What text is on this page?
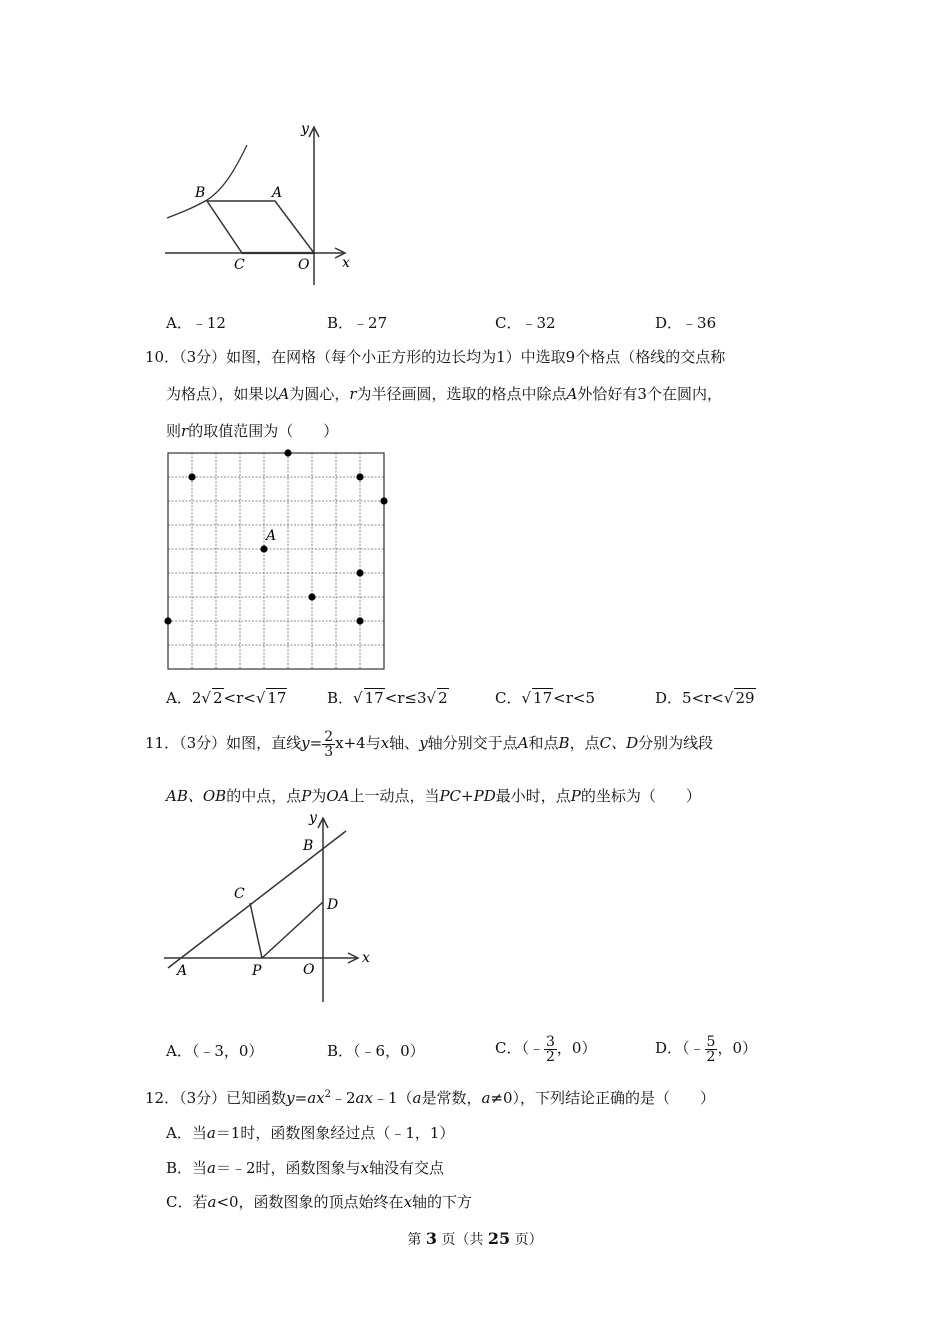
B	A
C	O x
y
A．﹣12	B．﹣27	C．﹣32	D．﹣36
10．（3分）如图，在网格（每个小正方形的边长均为1）中选取9个格点（格线的交点称
为格点），如果以A为圆心，r为半径画圆，选取的格点中除点A外恰好有3个在圆内，
则r的取值范围为（　　）
A
A．2√ 2<r<√ 17	B．√ 17<r≤3√ 2	C．√ 17<r<5	D．5<r<√ 29
11．（3分）如图，直线$y= \frac{2}{3} x+4$与x轴、y轴分别交于点A和点B，点C、D分别为线段
AB、OB的中点，点P为OA上一动点，当PC+PD最小时，点P的坐标为（　　）
B
C
D
A	P	O
x
y
A．（﹣3，0）	B．（﹣6，0）	C．（﹣ $\frac{3}{2}$ ，0）	D．（﹣ $\frac{5}{2}$ ，0）
12．（3分）已知函数$y=ax^2﹣2ax﹣1(a$是常数，a≠0），下列结论正确的是（　　）
A．当a＝1时，函数图象经过点（﹣1，1）
B．当a＝﹣2时，函数图象与x轴没有交点
C．若a<0，函数图象的顶点始终在x轴的下方
第 3 页（共 25 页）
